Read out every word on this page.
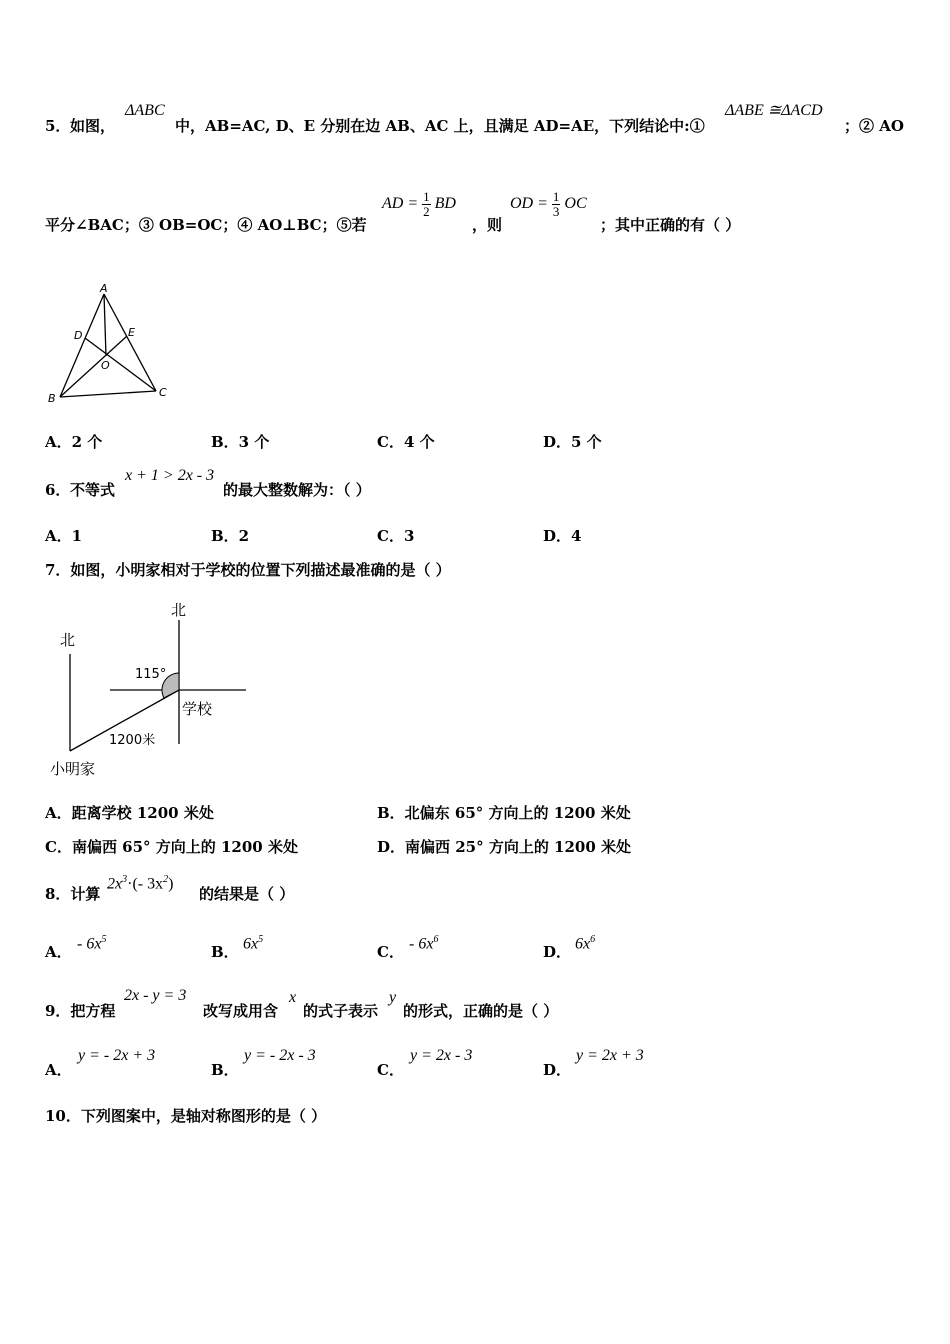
5． 如图，
ΔABC
中，AB=AC, D、E 分别在边 AB、AC 上，且满足 AD=AE，下列结论中:①
ΔABE ≅ΔACD
；② AO
平分∠BAC；③ OB=OC；④ AO⊥BC；⑤若
AD = $\frac{1}{2}$ BD
，则
OD = $\frac{1}{3}$ OC
；其中正确的有（ ）
A
B	C
D	E
O
A．2 个	B．3 个	C．4 个	D．5 个
6． 不等式
x + 1 > 2x - 3
的最大整数解为：（ ）
A．1	B．2	C．3	D．4
7．如图，小明家相对于学校的位置下列描述最准确的是（ ）
北
北
115°
学校
1200米
小明家
A．距离学校 1200 米处	B．北偏东 65° 方向上的 1200 米处
C．南偏西 65° 方向上的 1200 米处	D．南偏西 25° 方向上的 1200 米处
8．计算
$2x^3\cdot(-$ $3x^2$)
的结果是（ ）
A． - $6x^5$
B． $6x^5$
C． - $6x^6$
D． $6x^6$
9．把方程
2x - y = 3
改写成用含
x
的式子表示
y
的形式，正确的是（ ）
A．
y = - 2x + 3
B．
y = - 2x - 3
C．
y = 2x - 3
D．
y = 2x + 3
10．下列图案中，是轴对称图形的是（ ）
